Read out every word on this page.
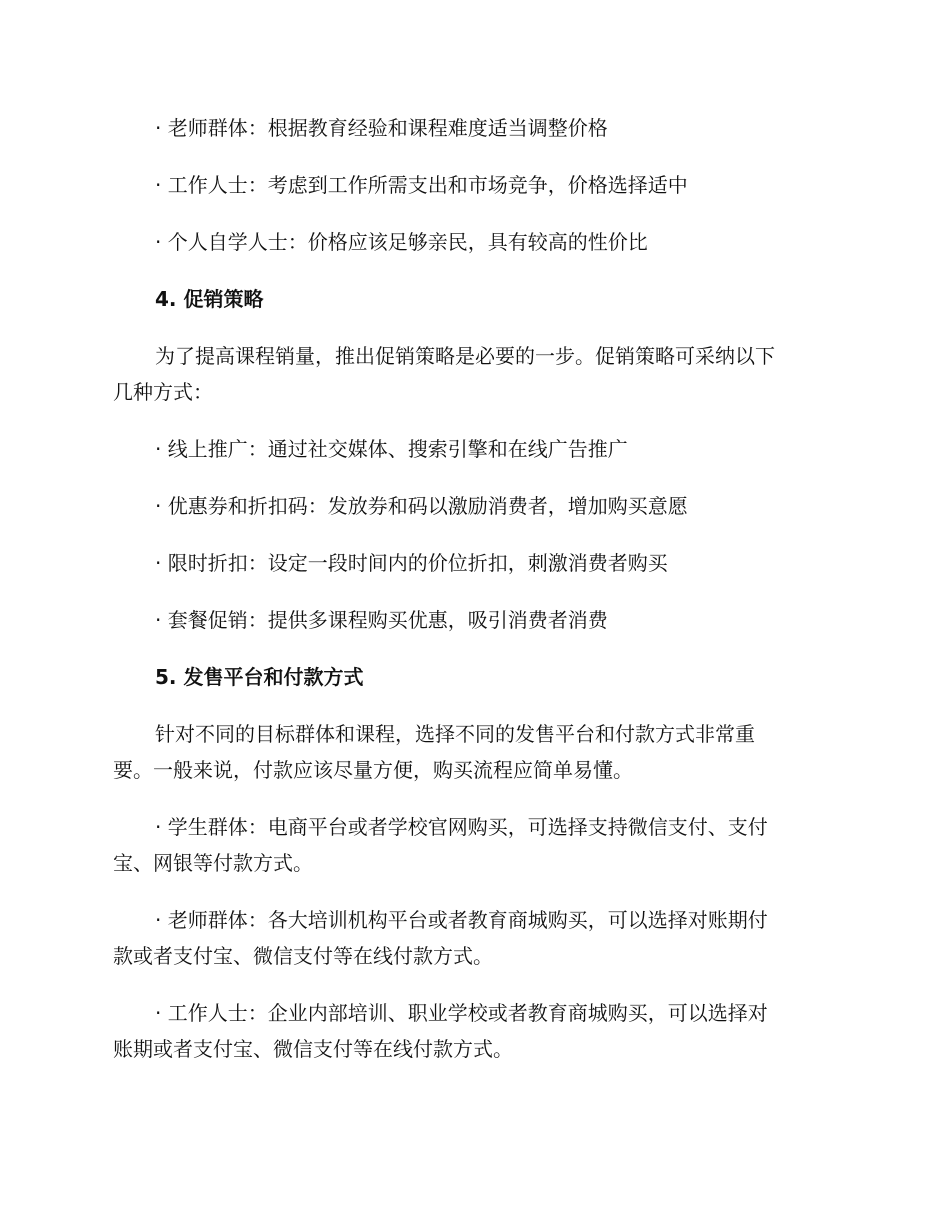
· 老师群体：根据教育经验和课程难度适当调整价格
· 工作人士：考虑到工作所需支出和市场竞争，价格选择适中
· 个人自学人士：价格应该足够亲民，具有较高的性价比
4. 促销策略
为了提高课程销量，推出促销策略是必要的一步。促销策略可采纳以下
几种方式：
· 线上推广：通过社交媒体、搜索引擎和在线广告推广
· 优惠券和折扣码：发放券和码以激励消费者，增加购买意愿
· 限时折扣：设定一段时间内的价位折扣，刺激消费者购买
· 套餐促销：提供多课程购买优惠，吸引消费者消费
5. 发售平台和付款方式
针对不同的目标群体和课程，选择不同的发售平台和付款方式非常重
要。一般来说，付款应该尽量方便，购买流程应简单易懂。
· 学生群体：电商平台或者学校官网购买，可选择支持微信支付、支付
宝、网银等付款方式。
· 老师群体：各大培训机构平台或者教育商城购买，可以选择对账期付
款或者支付宝、微信支付等在线付款方式。
· 工作人士：企业内部培训、职业学校或者教育商城购买，可以选择对
账期或者支付宝、微信支付等在线付款方式。
